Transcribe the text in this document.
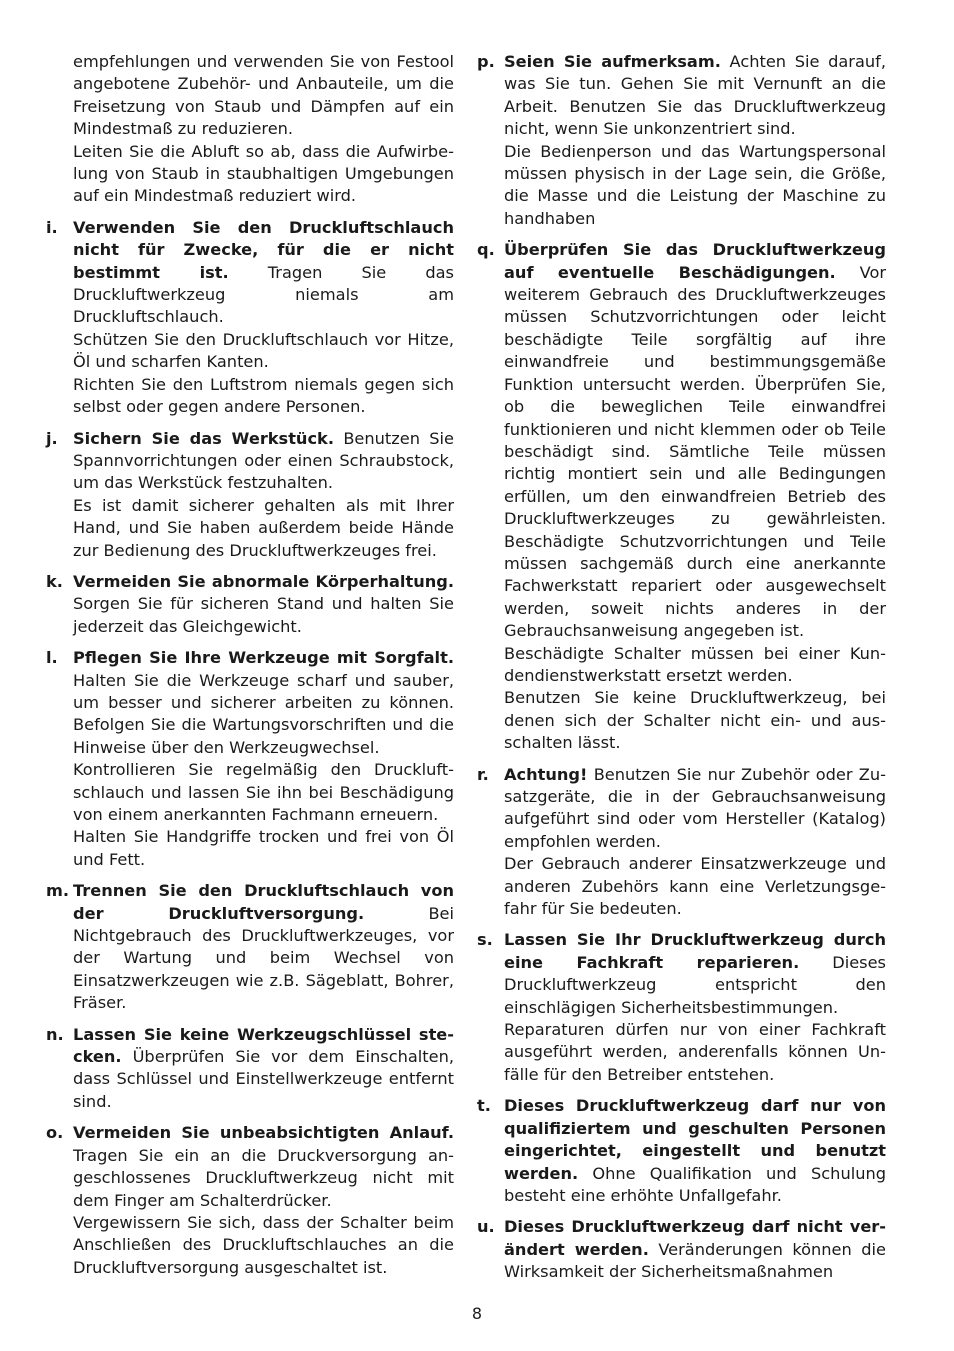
empfehlungen und verwenden Sie von Festool angebotene Zubehör- und Anbauteile, um die Freisetzung von Staub und Dämpfen auf ein Mindestmaß zu reduzieren.
Leiten Sie die Abluft so ab, dass die Aufwirbelung von Staub in staubhaltigen Umgebungen auf ein Mindestmaß reduziert wird.
i. Verwenden Sie den Druckluftschlauch nicht für Zwecke, für die er nicht bestimmt ist. Tragen Sie das Druckluftwerkzeug niemals am Druckluftschlauch.
Schützen Sie den Druckluftschlauch vor Hitze, Öl und scharfen Kanten.
Richten Sie den Luftstrom niemals gegen sich selbst oder gegen andere Personen.
j. Sichern Sie das Werkstück. Benutzen Sie Spannvorrichtungen oder einen Schraubstock, um das Werkstück festzuhalten.
Es ist damit sicherer gehalten als mit Ihrer Hand, und Sie haben außerdem beide Hände zur Bedienung des Druckluftwerkzeuges frei.
k. Vermeiden Sie abnormale Körperhaltung. Sorgen Sie für sicheren Stand und halten Sie jederzeit das Gleichgewicht.
l. Pflegen Sie Ihre Werkzeuge mit Sorgfalt. Halten Sie die Werkzeuge scharf und sauber, um besser und sicherer arbeiten zu können. Befolgen Sie die Wartungsvorschriften und die Hinweise über den Werkzeugwechsel.
Kontrollieren Sie regelmäßig den Druckluftschlauch und lassen Sie ihn bei Beschädigung von einem anerkannten Fachmann erneuern.
Halten Sie Handgriffe trocken und frei von Öl und Fett.
m. Trennen Sie den Druckluftschlauch von der Druckluftversorgung.	Bei Nichtgebrauch des Druckluftwerkzeuges, vor der Wartung und beim Wechsel von Einsatzwerkzeugen wie z.B. Sägeblatt, Bohrer, Fräser.
n. Lassen Sie keine Werkzeugschlüssel stecken. Überprüfen Sie vor dem Einschalten, dass Schlüssel und Einstellwerkzeuge entfernt sind.
o. Vermeiden Sie unbeabsichtigten Anlauf. Tragen Sie ein an die Druckversorgung angeschlossenes Druckluftwerkzeug nicht mit dem Finger am Schalterdrücker.
Vergewissern Sie sich, dass der Schalter beim Anschließen des Druckluftschlauches an die Druckluftversorgung ausgeschaltet ist.
p. Seien Sie aufmerksam. Achten Sie darauf, was Sie tun. Gehen Sie mit Vernunft an die Arbeit. Benutzen Sie das Druckluftwerkzeug nicht, wenn Sie unkonzentriert sind.
Die Bedienperson und das Wartungspersonal müssen physisch in der Lage sein, die Größe, die Masse und die Leistung der Maschine zu handhaben
q. Überprüfen Sie das Druckluftwerkzeug auf eventuelle Beschädigungen. Vor weiterem Gebrauch des Druckluftwerkzeuges müssen Schutzvorrichtungen oder leicht beschädigte Teile sorgfältig auf ihre einwandfreie und bestimmungsgemäße Funktion untersucht werden. Überprüfen Sie, ob die beweglichen Teile einwandfrei funktionieren und nicht klemmen oder ob Teile beschädigt sind. Sämtliche Teile müssen richtig montiert sein und alle Bedingungen erfüllen, um den einwandfreien Betrieb des Druckluftwerkzeuges zu gewährleisten. Beschädigte Schutzvorrichtungen und Teile müssen sachgemäß durch eine anerkannte Fachwerkstatt repariert oder ausgewechselt werden, soweit nichts anderes in der Gebrauchsanweisung angegeben ist.
Beschädigte Schalter müssen bei einer Kundendienstwerkstatt ersetzt werden.
Benutzen Sie keine Druckluftwerkzeug, bei denen sich der Schalter nicht ein- und ausschalten lässt.
r. Achtung! Benutzen Sie nur Zubehör oder Zusatzgeräte, die in der Gebrauchsanweisung aufgeführt sind oder vom Hersteller (Katalog) empfohlen werden.
Der Gebrauch anderer Einsatzwerkzeuge und anderen Zubehörs kann eine Verletzungsgefahr für Sie bedeuten.
s. Lassen Sie Ihr Druckluftwerkzeug durch eine Fachkraft reparieren. Dieses Druckluftwerkzeug entspricht den einschlägigen Sicherheitsbestimmungen.
Reparaturen dürfen nur von einer Fachkraft ausgeführt werden, anderenfalls können Unfälle für den Betreiber entstehen.
t. Dieses Druckluftwerkzeug darf nur von qualifiziertem und geschulten Personen eingerichtet, eingestellt und benutzt werden. Ohne Qualifikation und Schulung besteht eine erhöhte Unfallgefahr.
u. Dieses Druckluftwerkzeug darf nicht verändert werden. Veränderungen können die Wirksamkeit der Sicherheitsmaßnahmen
8
